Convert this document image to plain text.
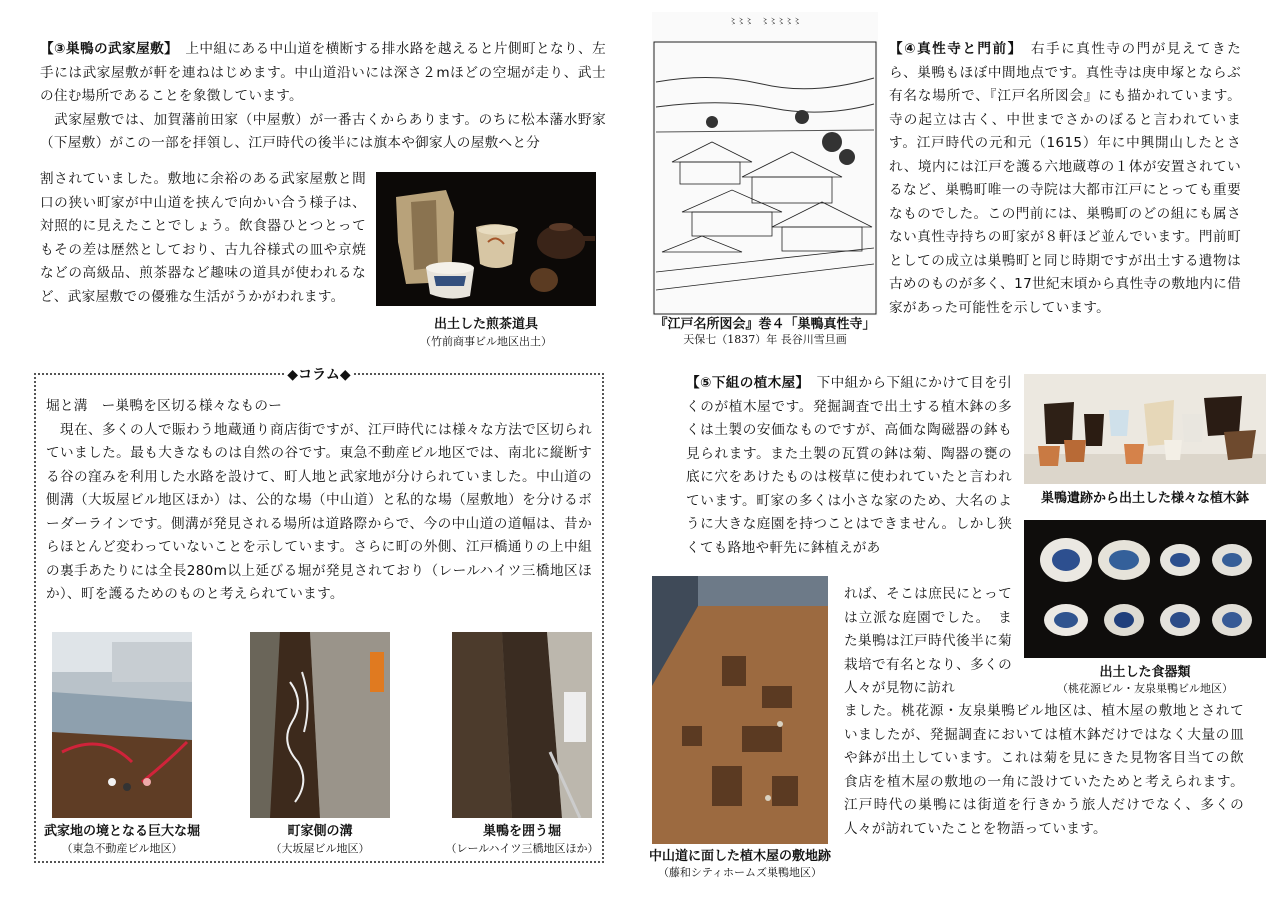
【③巣鴨の武家屋敷】　上中組にある中山道を横断する排水路を越えると片側町となり、左手には武家屋敷が軒を連ねはじめます。中山道沿いには深さ２mほどの空堀が走り、武士の住む場所であることを象徴しています。

　武家屋敷では、加賀藩前田家（中屋敷）が一番古くからあります。のちに松本藩水野家（下屋敷）がこの一部を拝領し、江戸時代の後半には旗本や御家人の屋敷へと分

割されていました。敷地に余裕のある武家屋敷と間口の狭い町家が中山道を挟んで向かい合う様子は、対照的に見えたことでしょう。飲食器ひとつとってもその差は歴然としており、古九谷様式の皿や京焼などの高級品、煎茶器など趣味の道具が使われるなど、武家屋敷での優雅な生活がうかがわれます。

出土した煎茶道具
（竹前商事ビル地区出土）
〻〻〻　〻〻〻〻〻
『江戸名所図会』巻４「巣鴨真性寺」
天保七（1837）年 長谷川雪旦画

【④真性寺と門前】　右手に真性寺の門が見えてきたら、巣鴨もほぼ中間地点です。真性寺は庚申塚とならぶ有名な場所で、『江戸名所図会』にも描かれています。寺の起立は古く、中世までさかのぼると言われています。江戸時代の元和元（1615）年に中興開山したとされ、境内には江戸を護る六地蔵尊の１体が安置されているなど、巣鴨町唯一の寺院は大都市江戸にとっても重要なものでした。この門前には、巣鴨町のどの組にも属さない真性寺持ちの町家が８軒ほど並んでいます。門前町としての成立は巣鴨町と同じ時期ですが出土する遺物は古めのものが多く、17世紀末頃から真性寺の敷地内に借家があった可能性を示しています。

◆コラム◆

堀と溝　ー巣鴨を区切る様々なものー

　現在、多くの人で賑わう地蔵通り商店街ですが、江戸時代には様々な方法で区切られていました。最も大きなものは自然の谷です。東急不動産ビル地区では、南北に縦断する谷の窪みを利用した水路を設けて、町人地と武家地が分けられていました。中山道の側溝（大坂屋ビル地区ほか）は、公的な場（中山道）と私的な場（屋敷地）を分けるボーダーラインです。側溝が発見される場所は道路際からで、今の中山道の道幅は、昔からほとんど変わっていないことを示しています。さらに町の外側、江戸橋通りの上中組の裏手あたりには全長280m以上延びる堀が発見されており（レールハイツ三橋地区ほか）、町を護るためのものと考えられています。

武家地の境となる巨大な堀
（東急不動産ビル地区）
町家側の溝
（大坂屋ビル地区）
巣鴨を囲う堀
（レールハイツ三橋地区ほか）

【⑤下組の植木屋】　下中組から下組にかけて目を引くのが植木屋です。発掘調査で出土する植木鉢の多くは土製の安価なものですが、高価な陶磁器の鉢も見られます。また土製の瓦質の鉢は菊、陶器の甕の底に穴をあけたものは桜草に使われていたと言われています。町家の多くは小さな家のため、大名のように大きな庭園を持つことはできません。しかし狭くても路地や軒先に鉢植えがあ

中山道に面した植木屋の敷地跡
（藤和シティホームズ巣鴨地区）

れば、そこは庶民にとっては立派な庭園でした。　また巣鴨は江戸時代後半に菊栽培で有名となり、多くの人々が見物に訪れ

ました。桃花源・友泉巣鴨ビル地区は、植木屋の敷地とされていましたが、発掘調査においては植木鉢だけではなく大量の皿や鉢が出土しています。これは菊を見にきた見物客目当ての飲食店を植木屋の敷地の一角に設けていたためと考えられます。江戸時代の巣鴨には街道を行きかう旅人だけでなく、多くの人々が訪れていたことを物語っています。

巣鴨遺跡から出土した様々な植木鉢
出土した食器類
（桃花源ビル・友泉巣鴨ビル地区）
